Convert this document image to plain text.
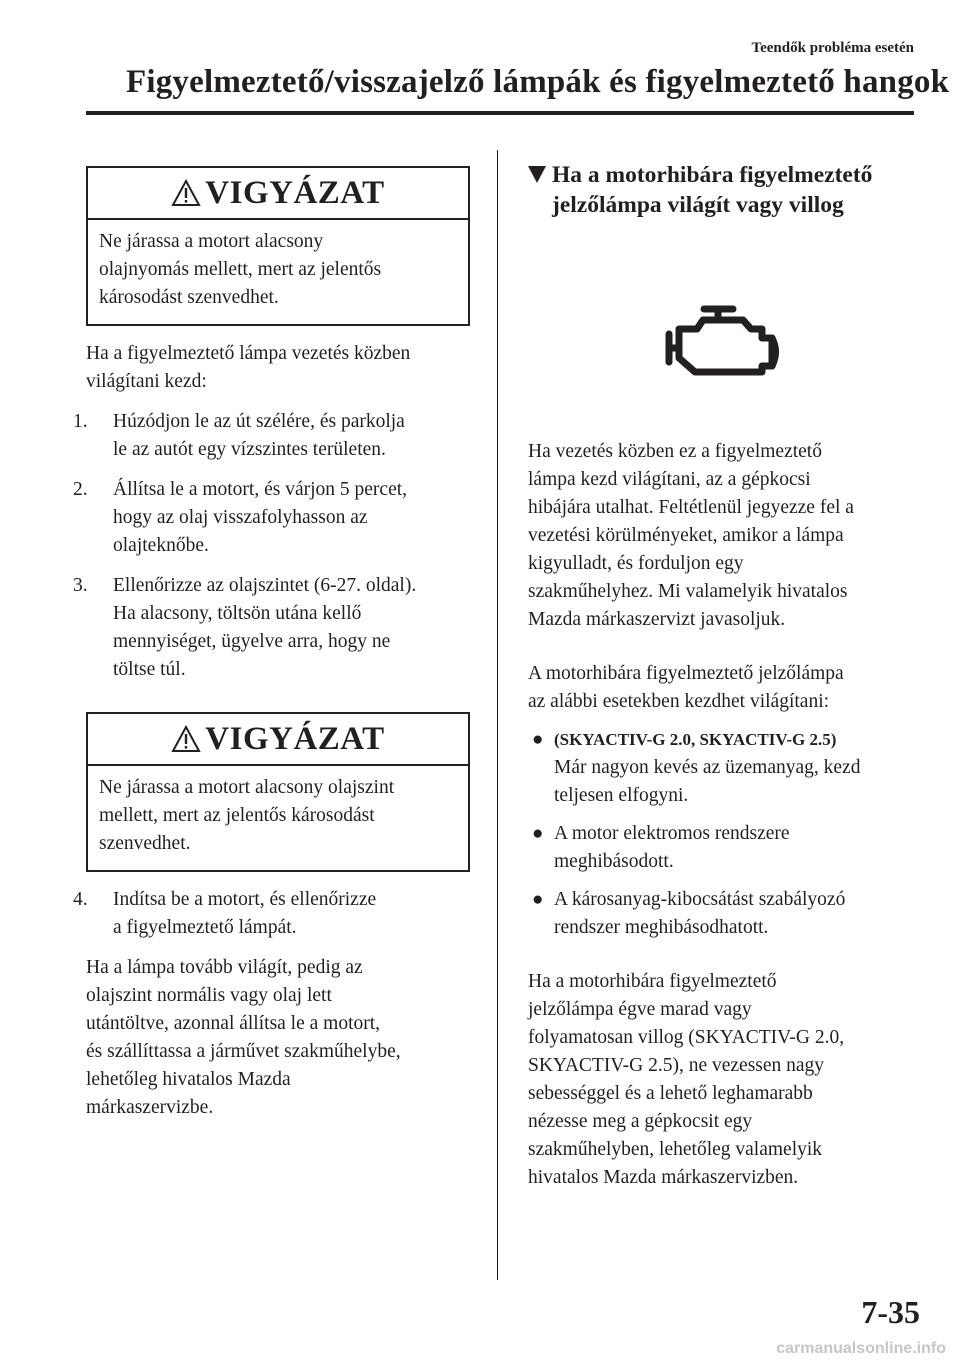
Teendők probléma esetén
Figyelmeztető/visszajelző lámpák és figyelmeztető hangok
VIGYÁZAT
Ne járassa a motort alacsony
olajnyomás mellett, mert az jelentős
károsodást szenvedhet.

Ha a figyelmeztető lámpa vezetés közben

világítani kezd:

1. Húzódjon le az út szélére, és parkolja
le az autót egy vízszintes területen.
2. Állítsa le a motort, és várjon 5 percet,
hogy az olaj visszafolyhasson az
olajteknőbe.
3. Ellenőrizze az olajszintet (6-27. oldal).
Ha alacsony, töltsön utána kellő
mennyiséget, ügyelve arra, hogy ne
töltse túl.
VIGYÁZAT
Ne járassa a motort alacsony olajszint
mellett, mert az jelentős károsodást
szenvedhet.
4. Indítsa be a motort, és ellenőrizze
a figyelmeztető lámpát.

Ha a lámpa tovább világít, pedig az

olajszint normális vagy olaj lett

utántöltve, azonnal állítsa le a motort,

és szállíttassa a járművet szakműhelybe,

lehetőleg hivatalos Mazda

márkaszervizbe.

Ha a motorhibára figyelmeztető
jelzőlámpa világít vagy villog

Ha vezetés közben ez a figyelmeztető

lámpa kezd világítani, az a gépkocsi

hibájára utalhat. Feltétlenül jegyezze fel a

vezetési körülményeket, amikor a lámpa

kigyulladt, és forduljon egy

szakműhelyhez. Mi valamelyik hivatalos

Mazda márkaszervizt javasoljuk.

A motorhibára figyelmeztető jelzőlámpa

az alábbi esetekben kezdhet világítani:

● (SKYACTIV-G 2.0, SKYACTIV-G 2.5)
Már nagyon kevés az üzemanyag, kezd
teljesen elfogyni.
● A motor elektromos rendszere
meghibásodott.
● A károsanyag-kibocsátást szabályozó
rendszer meghibásodhatott.

Ha a motorhibára figyelmeztető

jelzőlámpa égve marad vagy

folyamatosan villog (SKYACTIV-G 2.0,

SKYACTIV-G 2.5), ne vezessen nagy

sebességgel és a lehető leghamarabb

nézesse meg a gépkocsit egy

szakműhelyben, lehetőleg valamelyik

hivatalos Mazda márkaszervizben.

7-35
carmanualsonline.info
